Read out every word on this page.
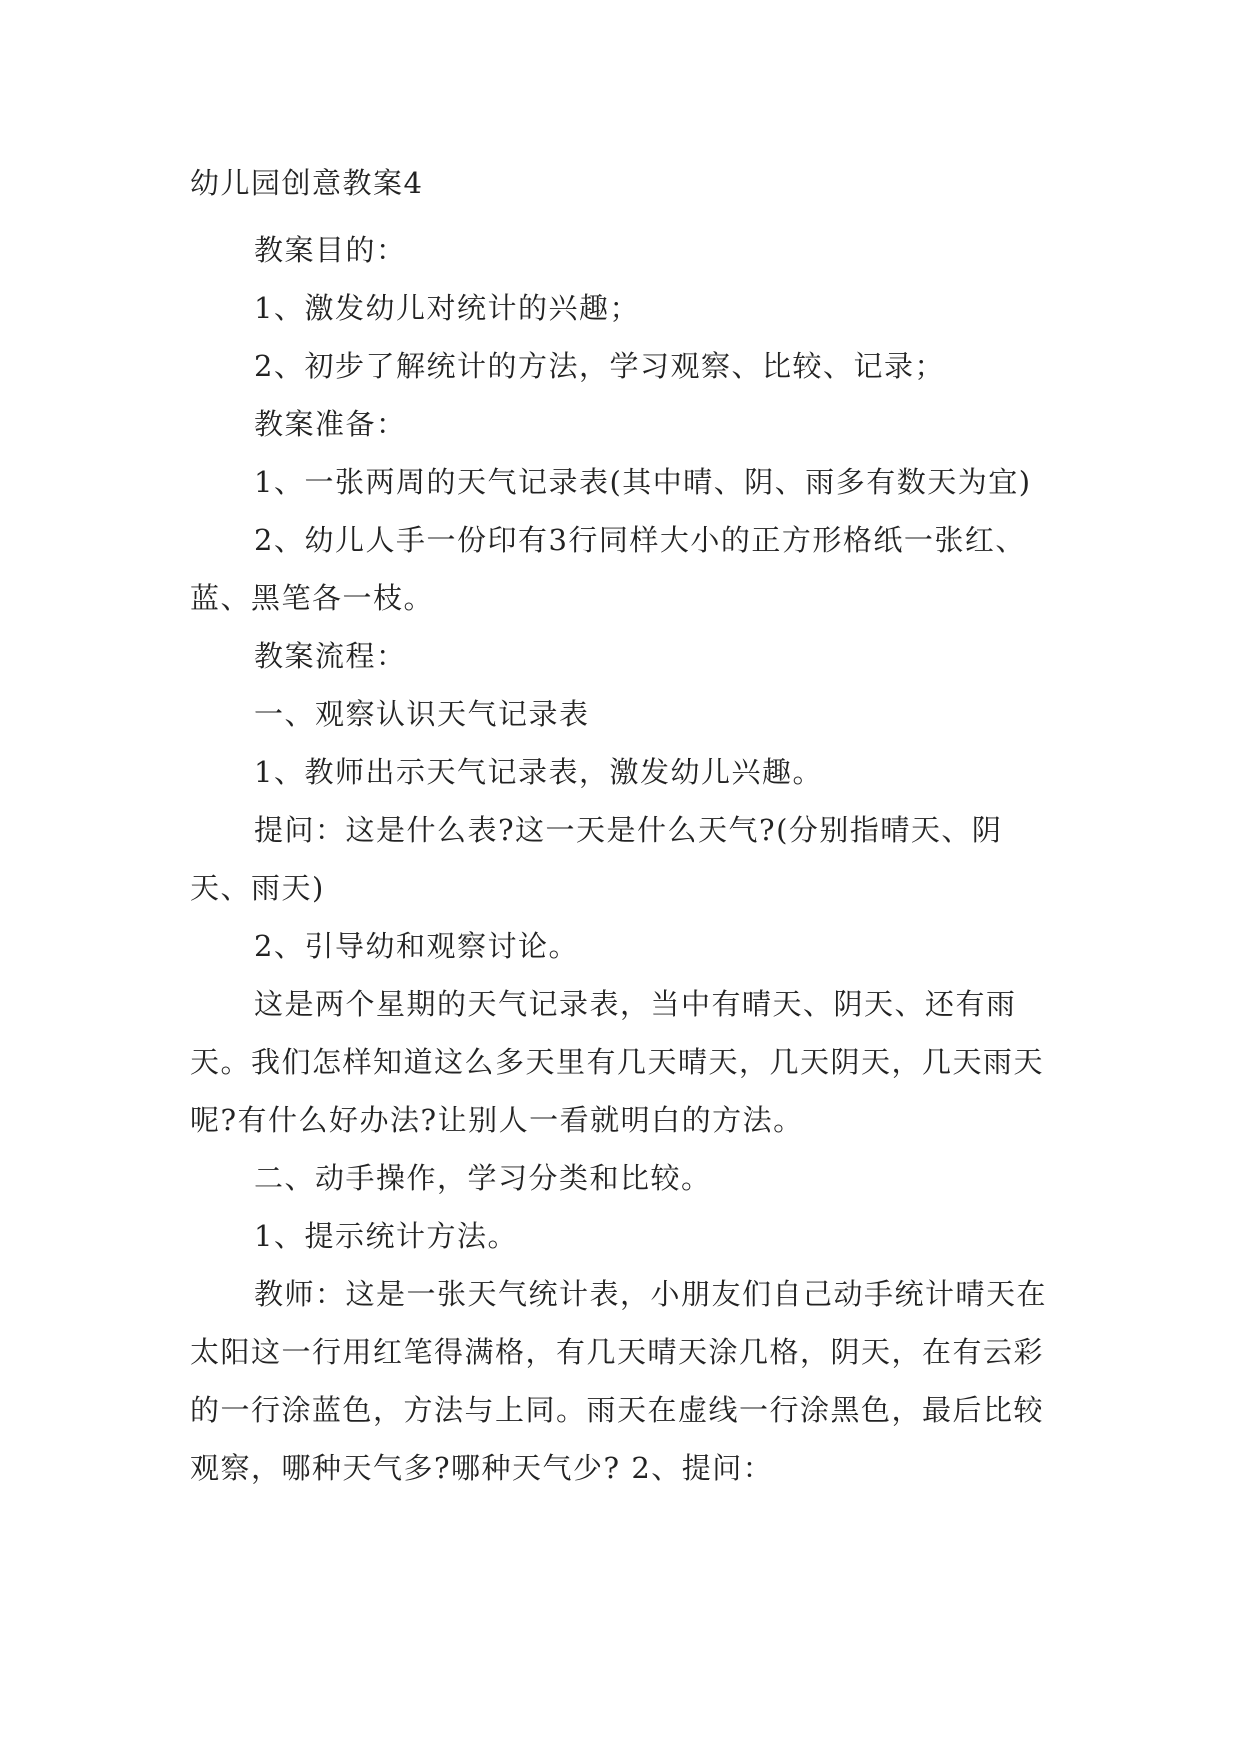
幼儿园创意教案4

教案目的：

1、激发幼儿对统计的兴趣；

2、初步了解统计的方法，学习观察、比较、记录；

教案准备：

1、一张两周的天气记录表(其中晴、阴、雨多有数天为宜)

2、幼儿人手一份印有3行同样大小的正方形格纸一张红、蓝、黑笔各一枝。

教案流程：

一、观察认识天气记录表

1、教师出示天气记录表，激发幼儿兴趣。

提问：这是什么表?这一天是什么天气?(分别指晴天、阴天、雨天)

2、引导幼和观察讨论。

这是两个星期的天气记录表，当中有晴天、阴天、还有雨天。我们怎样知道这么多天里有几天晴天，几天阴天，几天雨天呢?有什么好办法?让别人一看就明白的方法。

二、动手操作，学习分类和比较。

1、提示统计方法。

教师：这是一张天气统计表，小朋友们自己动手统计晴天在太阳这一行用红笔得满格，有几天晴天涂几格，阴天，在有云彩的一行涂蓝色，方法与上同。雨天在虚线一行涂黑色，最后比较观察，哪种天气多?哪种天气少? 2、提问：
